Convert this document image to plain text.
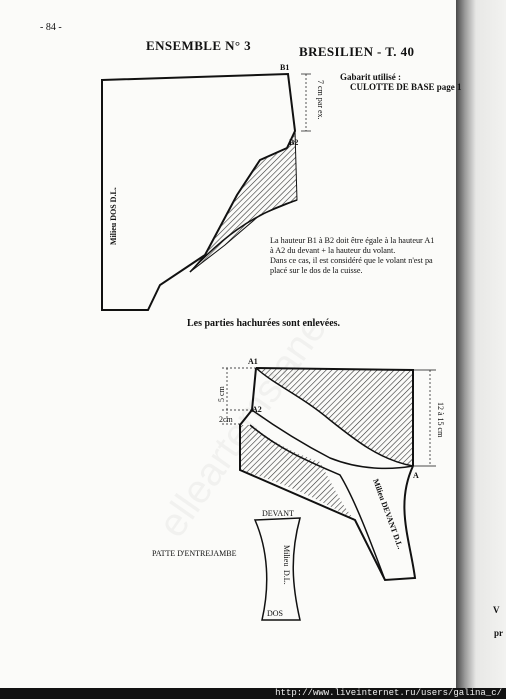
- 84 -
ENSEMBLE N° 3	BRESILIEN - T. 40
Gabarit utilisé :
CULOTTE DE BASE page 1
La hauteur B1 à B2 doit être égale à la hauteur A1
à A2 du devant + la hauteur du volant.
Dans ce cas, il est considéré que le volant n'est pa
placé sur le dos de la cuisse.
Les parties hachurées sont enlevées.
PATTE D'ENTREJAMBE
V
pr
B1
B2
7 cm par ex.
Milieu DOS D.L.
A1
A2
A
5 cm
2cm	12 à 15 cm
Milieu DEVANT D.L.
DEVANT
Milieu
D.L.
DOS
http://www.liveinternet.ru/users/galina_c/
